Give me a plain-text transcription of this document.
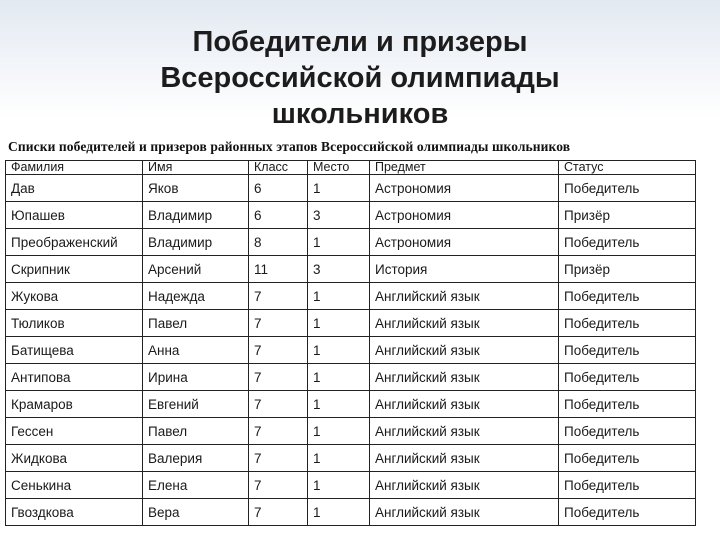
Победители и призеры
Всероссийской олимпиады
школьников
Списки победителей и призеров районных этапов Всероссийской олимпиады школьников
Фамилия	Имя	Класс	Место	Предмет	Статус
Дав	Яков	6	1	Астрономия	Победитель
Юпашев	Владимир	6	3	Астрономия	Призёр
Преображенский	Владимир	8	1	Астрономия	Победитель
Скрипник	Арсений	11	3	История	Призёр
Жукова	Надежда	7	1	Английский язык	Победитель
Тюликов	Павел	7	1	Английский язык	Победитель
Батищева	Анна	7	1	Английский язык	Победитель
Антипова	Ирина	7	1	Английский язык	Победитель
Крамаров	Евгений	7	1	Английский язык	Победитель
Гессен	Павел	7	1	Английский язык	Победитель
Жидкова	Валерия	7	1	Английский язык	Победитель
Сенькина	Елена	7	1	Английский язык	Победитель
Гвоздкова	Вера	7	1	Английский язык	Победитель
